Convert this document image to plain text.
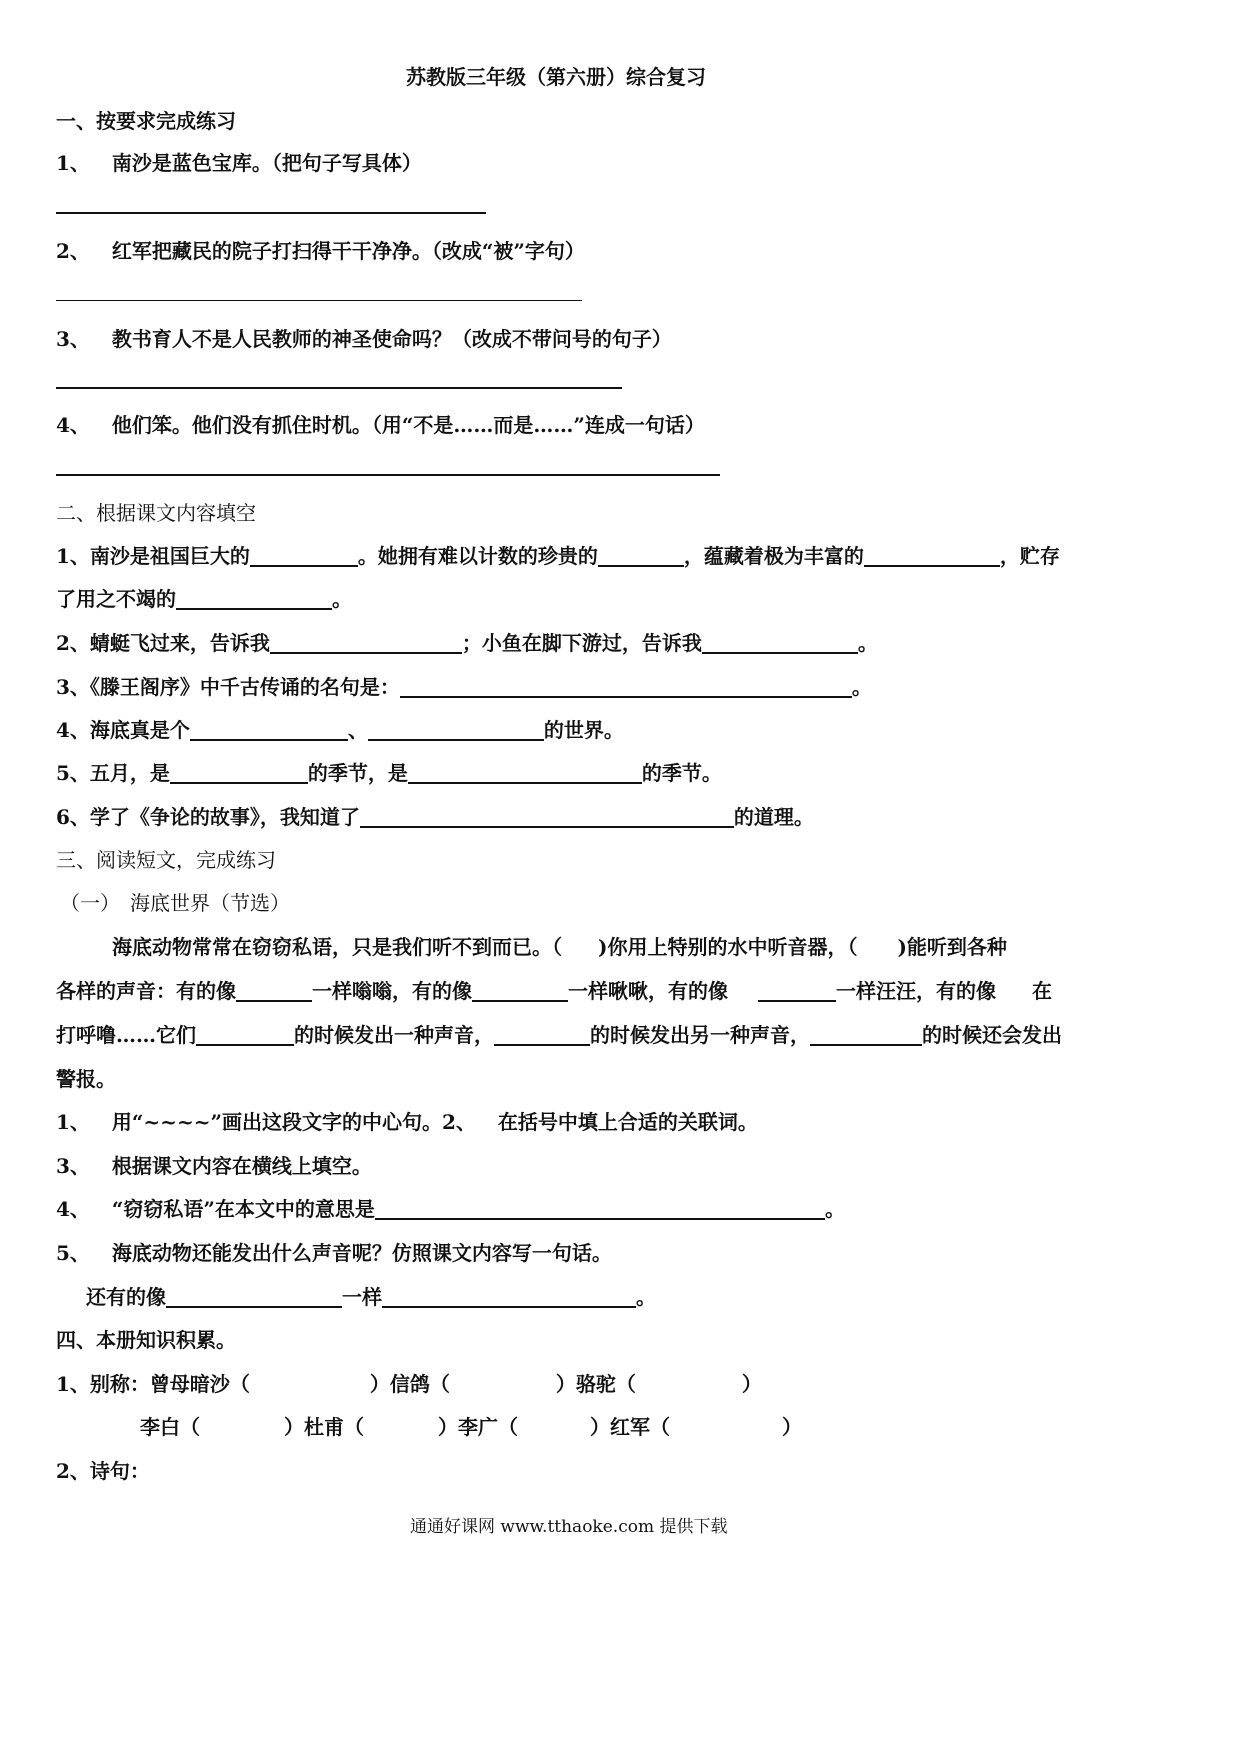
苏教版三年级（第六册）综合复习
一、按要求完成练习
1、 南沙是蓝色宝库。（把句子写具体）
2、 红军把藏民的院子打扫得干干净净。（改成“被”字句）
3、 教书育人不是人民教师的神圣使命吗？（改成不带问号的句子）
4、 他们笨。他们没有抓住时机。（用“不是……而是……”连成一句话）
二、根据课文内容填空
1、南沙是祖国巨大的	。她拥有难以计数的珍贵的	，蕴藏着极为丰富的	，贮存
了用之不竭的	。
2、蜻蜓飞过来，告诉我	；小鱼在脚下游过，告诉我	。
3、《滕王阁序》中千古传诵的名句是：	。
4、海底真是个	、	的世界。
5、五月，是	的季节，是	的季节。
6、学了《争论的故事》，我知道了	的道理。
三、阅读短文，完成练习
（一）　海底世界（节选）
海底动物常常在窃窃私语，只是我们听不到而已。（ )你用上特别的水中听音器，（ )能听到各种
各样的声音：有的像	一样嗡嗡，有的像	一样啾啾，有的像	一样汪汪，有的像 在
打呼噜……它们	的时候发出一种声音，	的时候发出另一种声音，	的时候还会发出
警报。
1、 用“~~~~”画出这段文字的中心句。2、 在括号中填上合适的关联词。
3、 根据课文内容在横线上填空。
4、 “窃窃私语”在本文中的意思是	。
5、 海底动物还能发出什么声音呢？仿照课文内容写一句话。
还有的像	一样	。
四、本册知识积累。
1、别称：曾母暗沙（	）信鸽（	）骆驼（	）
李白（	）杜甫（	）李广（	）红军（	）
2、诗句：
通通好课网 www.tthaoke.com 提供下载
